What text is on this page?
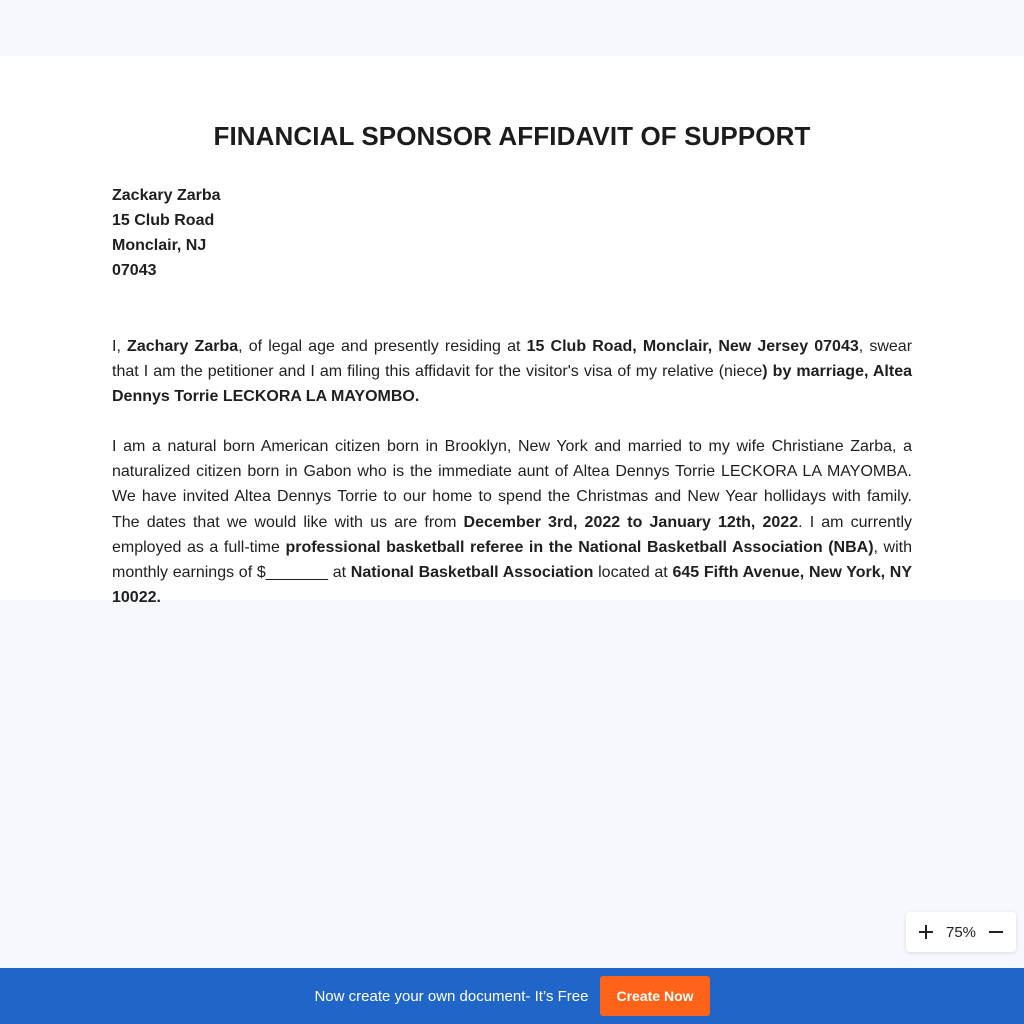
FINANCIAL SPONSOR AFFIDAVIT OF SUPPORT
Zackary Zarba
15 Club Road
Monclair, NJ
07043

I, Zachary Zarba, of legal age and presently residing at 15 Club Road, Monclair, New Jersey 07043, swear that I am the petitioner and I am filing this affidavit for the visitor's visa of my relative (niece) by marriage, Altea Dennys Torrie LECKORA LA MAYOMBO.

I am a natural born American citizen born in Brooklyn, New York and married to my wife Christiane Zarba, a naturalized citizen born in Gabon who is the immediate aunt of Altea Dennys Torrie LECKORA LA MAYOMBA. We have invited Altea Dennys Torrie to our home to spend the Christmas and New Year hollidays with family. The dates that we would like with us are from December 3rd, 2022 to January 12th, 2022. I am currently employed as a full-time professional basketball referee in the National Basketball Association (NBA), with monthly earnings of $_______ at National Basketball Association located at 645 Fifth Avenue, New York, NY 10022.

75%
Now create your own document- It’s Free	Create Now
